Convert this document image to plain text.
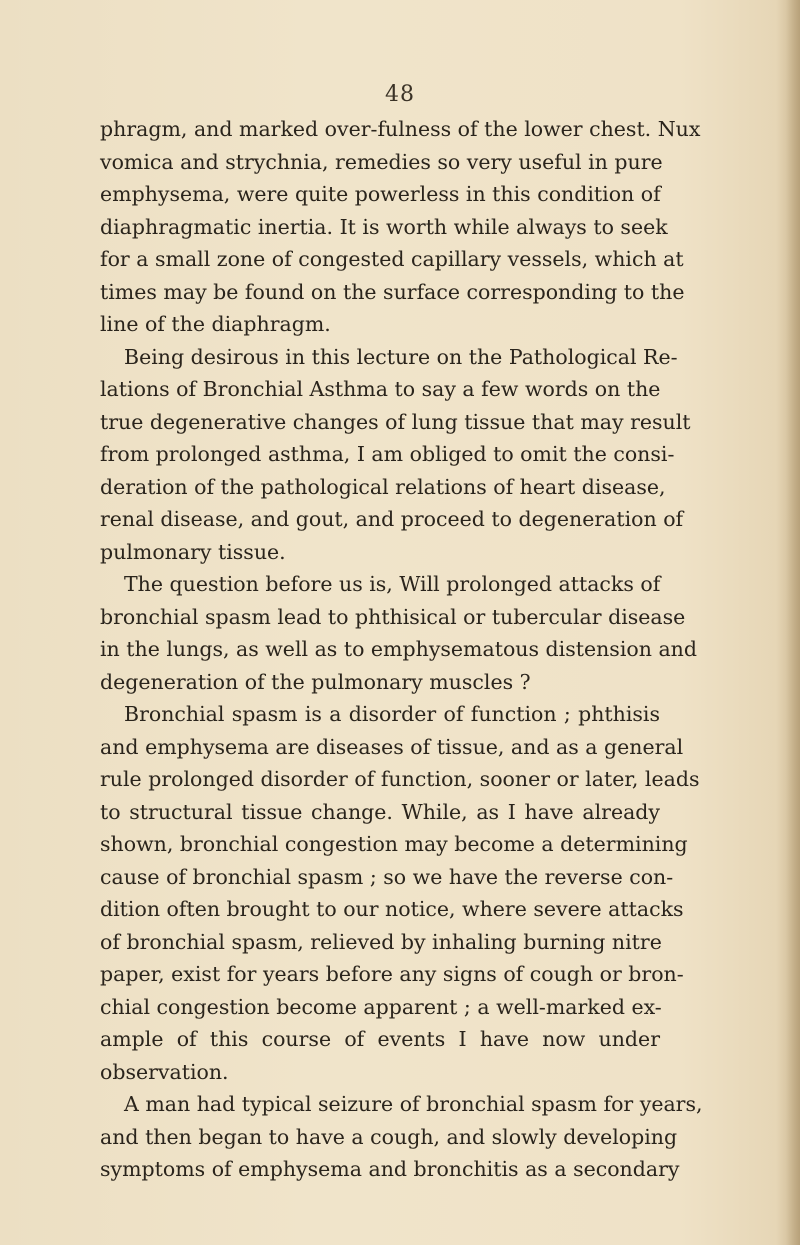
48
phragm, and marked over-fulness of the lower chest. Nux
vomica and strychnia, remedies so very useful in pure
emphysema, were quite powerless in this condition of
diaphragmatic inertia. It is worth while always to seek
for a small zone of congested capillary vessels, which at
times may be found on the surface corresponding to the
line of the diaphragm.
Being desirous in this lecture on the Pathological Re-
lations of Bronchial Asthma to say a few words on the
true degenerative changes of lung tissue that may result
from prolonged asthma, I am obliged to omit the consi-
deration of the pathological relations of heart disease,
renal disease, and gout, and proceed to degeneration of
pulmonary tissue.
The question before us is, Will prolonged attacks of
bronchial spasm lead to phthisical or tubercular disease
in the lungs, as well as to emphysematous distension and
degeneration of the pulmonary muscles ?
Bronchial spasm is a disorder of function ; phthisis
and emphysema are diseases of tissue, and as a general
rule prolonged disorder of function, sooner or later, leads
to structural tissue change. While, as I have already
shown, bronchial congestion may become a determining
cause of bronchial spasm ; so we have the reverse con-
dition often brought to our notice, where severe attacks
of bronchial spasm, relieved by inhaling burning nitre
paper, exist for years before any signs of cough or bron-
chial congestion become apparent ; a well-marked ex-
ample of this course of events I have now under
observation.
A man had typical seizure of bronchial spasm for years,
and then began to have a cough, and slowly developing
symptoms of emphysema and bronchitis as a secondary
